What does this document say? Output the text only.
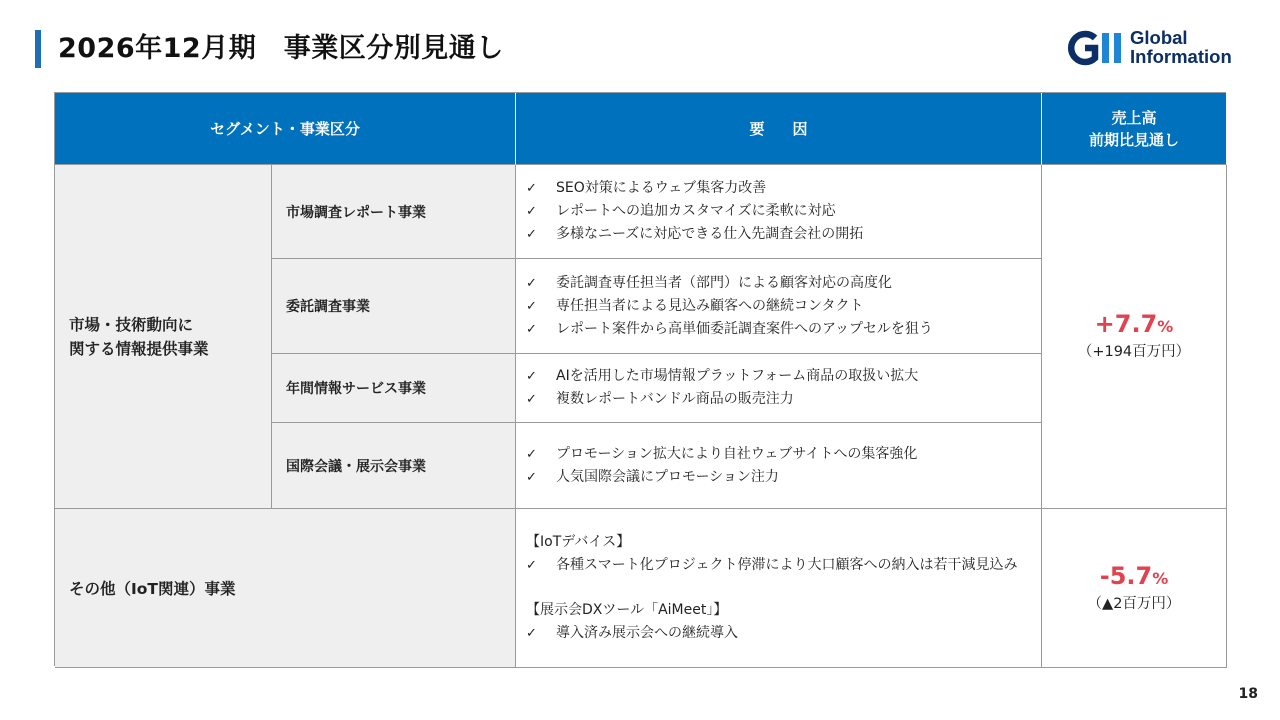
2026年12月期　事業区分別見通し	Global
Information
セグメント・事業区分	要因
売上高
前期比見通し
市場・技術動向に
関する情報提供事業
市場調査レポート事業
✓ SEO対策によるウェブ集客力改善
✓ レポートへの追加カスタマイズに柔軟に対応
✓ 多様なニーズに対応できる仕入先調査会社の開拓
委託調査事業
✓ 委託調査専任担当者（部門）による顧客対応の高度化
✓ 専任担当者による見込み顧客への継続コンタクト
✓ レポート案件から高単価委託調査案件へのアップセルを狙う
年間情報サービス事業
✓ AIを活用した市場情報プラットフォーム商品の取扱い拡大
✓ 複数レポートバンドル商品の販売注力
国際会議・展示会事業
✓ プロモーション拡大により自社ウェブサイトへの集客強化
✓ 人気国際会議にプロモーション注力
+7.7%
（+194百万円）
その他（IoT関連）事業
【IoTデバイス】
✓ 各種スマート化プロジェクト停滞により大口顧客への納入は若干減見込み
【展示会DXツール「AiMeet」】
✓ 導入済み展示会への継続導入
-5.7%
（▲2百万円）
18
